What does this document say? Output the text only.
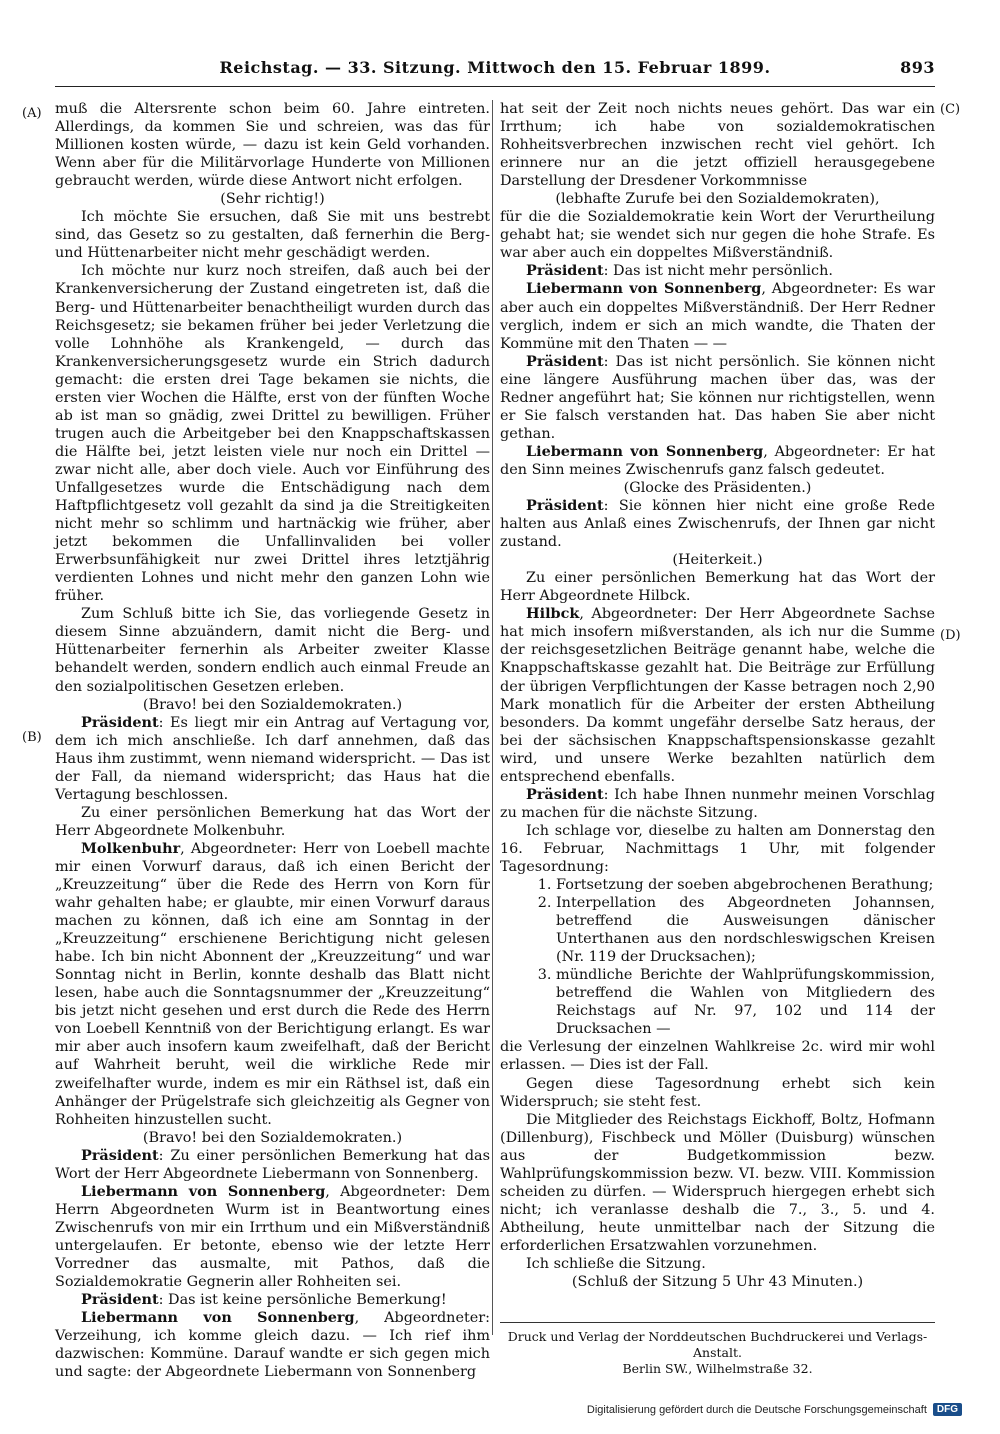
Reichstag. — 33. Sitzung. Mittwoch den 15. Februar 1899.	893
(A)
(B)
(C)
(D)

muß die Altersrente schon beim 60. Jahre eintreten. Allerdings, da kommen Sie und schreien, was das für Millionen kosten würde, — dazu ist kein Geld vorhanden. Wenn aber für die Militärvorlage Hunderte von Millionen gebraucht werden, würde diese Antwort nicht erfolgen.

(Sehr richtig!)

Ich möchte Sie ersuchen, daß Sie mit uns bestrebt sind, das Gesetz so zu gestalten, daß fernerhin die Berg- und Hüttenarbeiter nicht mehr geschädigt werden.

Ich möchte nur kurz noch streifen, daß auch bei der Krankenversicherung der Zustand eingetreten ist, daß die Berg- und Hüttenarbeiter benachtheiligt wurden durch das Reichsgesetz; sie bekamen früher bei jeder Verletzung die volle Lohnhöhe als Krankengeld, — durch das Krankenversicherungsgesetz wurde ein Strich dadurch gemacht: die ersten drei Tage bekamen sie nichts, die ersten vier Wochen die Hälfte, erst von der fünften Woche ab ist man so gnädig, zwei Drittel zu bewilligen. Früher trugen auch die Arbeitgeber bei den Knappschaftskassen die Hälfte bei, jetzt leisten viele nur noch ein Drittel — zwar nicht alle, aber doch viele. Auch vor Einführung des Unfallgesetzes wurde die Entschädigung nach dem Haftpflichtgesetz voll gezahlt da sind ja die Streitigkeiten nicht mehr so schlimm und hartnäckig wie früher, aber jetzt bekommen die Unfallinvaliden bei voller Erwerbsunfähigkeit nur zwei Drittel ihres letztjährig verdienten Lohnes und nicht mehr den ganzen Lohn wie früher.

Zum Schluß bitte ich Sie, das vorliegende Gesetz in diesem Sinne abzuändern, damit nicht die Berg- und Hüttenarbeiter fernerhin als Arbeiter zweiter Klasse behandelt werden, sondern endlich auch einmal Freude an den sozialpolitischen Gesetzen erleben.

(Bravo! bei den Sozialdemokraten.)

Präsident: Es liegt mir ein Antrag auf Vertagung vor, dem ich mich anschließe. Ich darf annehmen, daß das Haus ihm zustimmt, wenn niemand widerspricht. — Das ist der Fall, da niemand widerspricht; das Haus hat die Vertagung beschlossen.

Zu einer persönlichen Bemerkung hat das Wort der Herr Abgeordnete Molkenbuhr.

Molkenbuhr, Abgeordneter: Herr von Loebell machte mir einen Vorwurf daraus, daß ich einen Bericht der „Kreuzzeitung“ über die Rede des Herrn von Korn für wahr gehalten habe; er glaubte, mir einen Vorwurf daraus machen zu können, daß ich eine am Sonntag in der „Kreuzzeitung“ erschienene Berichtigung nicht gelesen habe. Ich bin nicht Abonnent der „Kreuzzeitung“ und war Sonntag nicht in Berlin, konnte deshalb das Blatt nicht lesen, habe auch die Sonntagsnummer der „Kreuzzeitung“ bis jetzt nicht gesehen und erst durch die Rede des Herrn von Loebell Kenntniß von der Berichtigung erlangt. Es war mir aber auch insofern kaum zweifelhaft, daß der Bericht auf Wahrheit beruht, weil die wirkliche Rede mir zweifelhafter wurde, indem es mir ein Räthsel ist, daß ein Anhänger der Prügelstrafe sich gleichzeitig als Gegner von Rohheiten hinzustellen sucht.

(Bravo! bei den Sozialdemokraten.)

Präsident: Zu einer persönlichen Bemerkung hat das Wort der Herr Abgeordnete Liebermann von Sonnenberg.

Liebermann von Sonnenberg, Abgeordneter: Dem Herrn Abgeordneten Wurm ist in Beantwortung eines Zwischenrufs von mir ein Irrthum und ein Mißverständniß untergelaufen. Er betonte, ebenso wie der letzte Herr Vorredner das ausmalte, mit Pathos, daß die Sozialdemokratie Gegnerin aller Rohheiten sei.

Präsident: Das ist keine persönliche Bemerkung!

Liebermann von Sonnenberg, Abgeordneter: Verzeihung, ich komme gleich dazu. — Ich rief ihm dazwischen: Kommüne. Darauf wandte er sich gegen mich und sagte: der Abgeordnete Liebermann von Sonnenberg

hat seit der Zeit noch nichts neues gehört. Das war ein Irrthum; ich habe von sozialdemokratischen Rohheitsverbrechen inzwischen recht viel gehört. Ich erinnere nur an die jetzt offiziell herausgegebene Darstellung der Dresdener Vorkommnisse

(lebhafte Zurufe bei den Sozialdemokraten),

für die die Sozialdemokratie kein Wort der Verurtheilung gehabt hat; sie wendet sich nur gegen die hohe Strafe. Es war aber auch ein doppeltes Mißverständniß.

Präsident: Das ist nicht mehr persönlich.

Liebermann von Sonnenberg, Abgeordneter: Es war aber auch ein doppeltes Mißverständniß. Der Herr Redner verglich, indem er sich an mich wandte, die Thaten der Kommüne mit den Thaten — —

Präsident: Das ist nicht persönlich. Sie können nicht eine längere Ausführung machen über das, was der Redner angeführt hat; Sie können nur richtigstellen, wenn er Sie falsch verstanden hat. Das haben Sie aber nicht gethan.

Liebermann von Sonnenberg, Abgeordneter: Er hat den Sinn meines Zwischenrufs ganz falsch gedeutet.

(Glocke des Präsidenten.)

Präsident: Sie können hier nicht eine große Rede halten aus Anlaß eines Zwischenrufs, der Ihnen gar nicht zustand.

(Heiterkeit.)

Zu einer persönlichen Bemerkung hat das Wort der Herr Abgeordnete Hilbck.

Hilbck, Abgeordneter: Der Herr Abgeordnete Sachse hat mich insofern mißverstanden, als ich nur die Summe der reichsgesetzlichen Beiträge genannt habe, welche die Knappschaftskasse gezahlt hat. Die Beiträge zur Erfüllung der übrigen Verpflichtungen der Kasse betragen noch 2,90 Mark monatlich für die Arbeiter der ersten Abtheilung besonders. Da kommt ungefähr derselbe Satz heraus, der bei der sächsischen Knappschaftspensionskasse gezahlt wird, und unsere Werke bezahlten natürlich dem entsprechend ebenfalls.

Präsident: Ich habe Ihnen nunmehr meinen Vorschlag zu machen für die nächste Sitzung.

Ich schlage vor, dieselbe zu halten am Donnerstag den 16. Februar, Nachmittags 1 Uhr, mit folgender Tagesordnung:

1. Fortsetzung der soeben abgebrochenen Berathung;
2. Interpellation des Abgeordneten Johannsen, betreffend die Ausweisungen dänischer Unterthanen aus den nordschleswigschen Kreisen (Nr. 119 der Drucksachen);
3. mündliche Berichte der Wahlprüfungskommission, betreffend die Wahlen von Mitgliedern des Reichstags auf Nr. 97, 102 und 114 der Drucksachen —

die Verlesung der einzelnen Wahlkreise 2c. wird mir wohl erlassen. — Dies ist der Fall.

Gegen diese Tagesordnung erhebt sich kein Widerspruch; sie steht fest.

Die Mitglieder des Reichstags Eickhoff, Boltz, Hofmann (Dillenburg), Fischbeck und Möller (Duisburg) wünschen aus der Budgetkommission bezw. Wahlprüfungskommission bezw. VI. bezw. VIII. Kommission scheiden zu dürfen. — Widerspruch hiergegen erhebt sich nicht; ich veranlasse deshalb die 7., 3., 5. und 4. Abtheilung, heute unmittelbar nach der Sitzung die erforderlichen Ersatzwahlen vorzunehmen.

Ich schließe die Sitzung.

(Schluß der Sitzung 5 Uhr 43 Minuten.)

Druck und Verlag der Norddeutschen Buchdruckerei und Verlags-Anstalt.
Berlin SW., Wilhelmstraße 32.
Digitalisierung gefördert durch die Deutsche Forschungsgemeinschaft	DFG
